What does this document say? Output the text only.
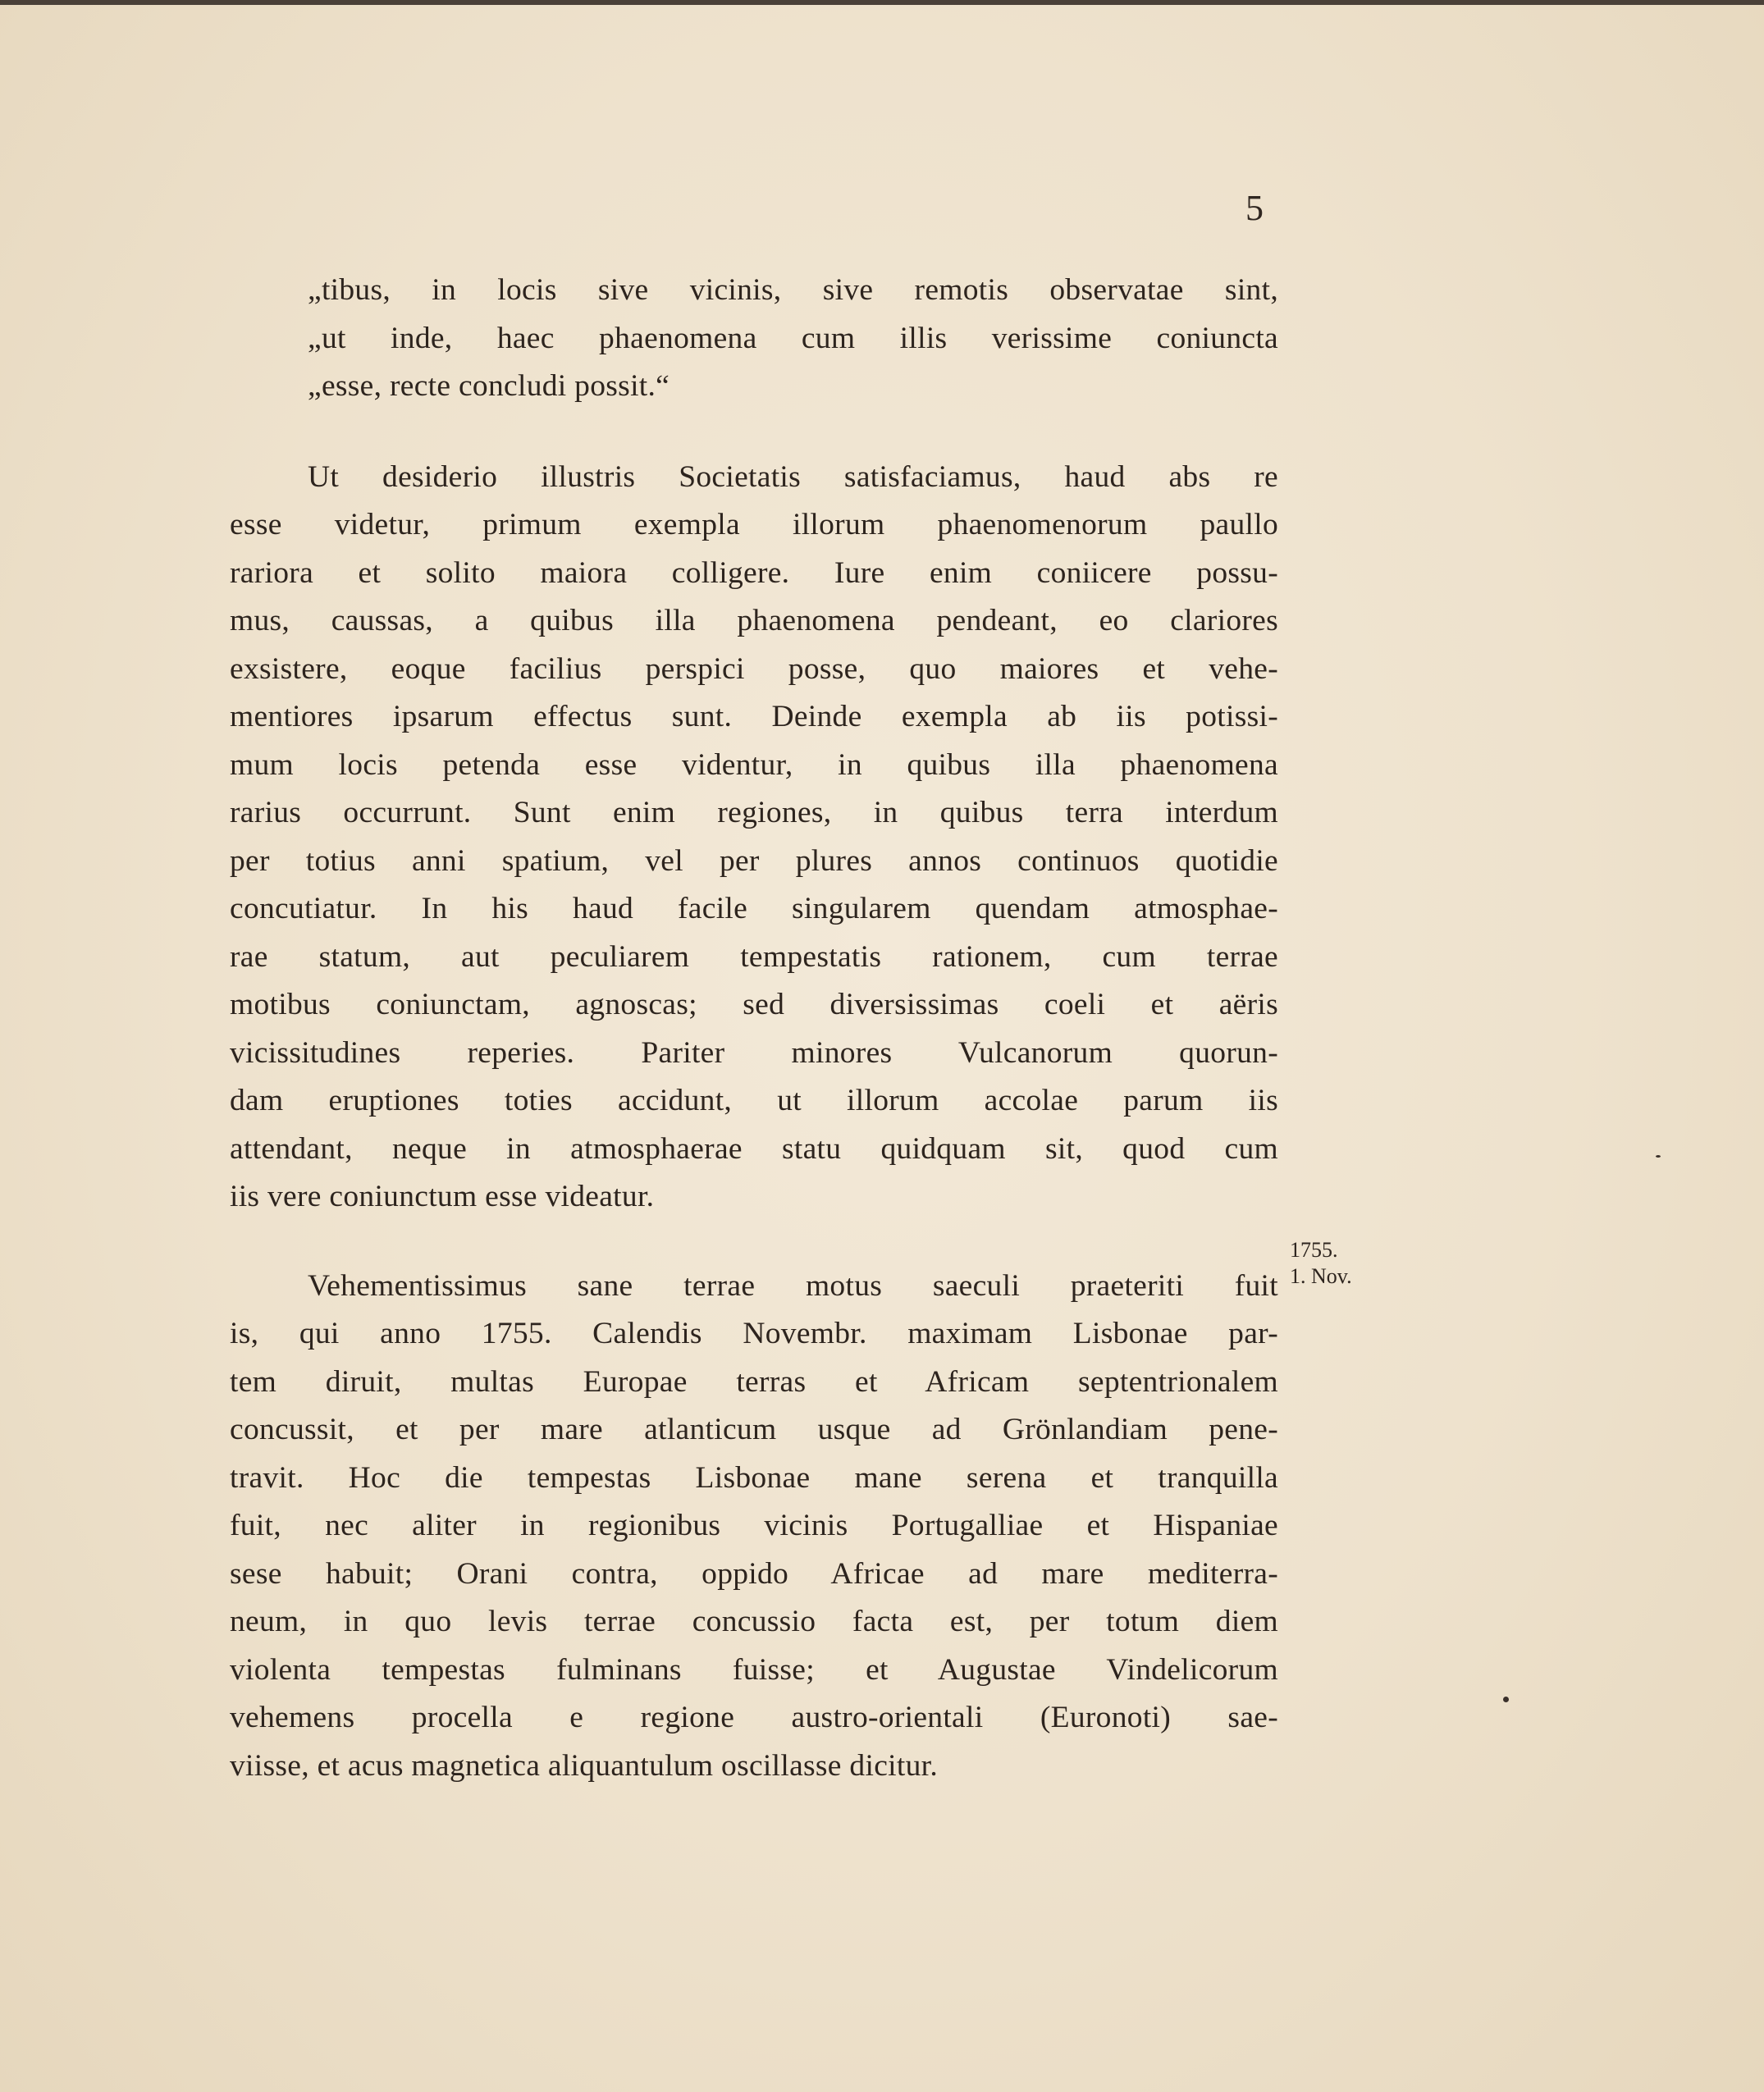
5

„tibus, in locis sive vicinis, sive remotis observatae sint,
„ut inde, haec phaenomena cum illis verissime coniuncta
„esse, recte concludi possit.“

Ut desiderio illustris Societatis satisfaciamus, haud abs re
esse videtur, primum exempla illorum phaenomenorum paullo
rariora et solito maiora colligere. Iure enim coniicere possu-
mus, caussas, a quibus illa phaenomena pendeant, eo clariores
exsistere, eoque facilius perspici posse, quo maiores et vehe-
mentiores ipsarum effectus sunt. Deinde exempla ab iis potissi-
mum locis petenda esse videntur, in quibus illa phaenomena
rarius occurrunt. Sunt enim regiones, in quibus terra interdum
per totius anni spatium, vel per plures annos continuos quotidie
concutiatur. In his haud facile singularem quendam atmosphae-
rae statum, aut peculiarem tempestatis rationem, cum terrae
motibus coniunctam, agnoscas; sed diversissimas coeli et aëris
vicissitudines reperies. Pariter minores Vulcanorum quorun-
dam eruptiones toties accidunt, ut illorum accolae parum iis
attendant, neque in atmosphaerae statu quidquam sit, quod cum
iis vere coniunctum esse videatur.

Vehementissimus sane terrae motus saeculi praeteriti fuit
is, qui anno 1755. Calendis Novembr. maximam Lisbonae par-
tem diruit, multas Europae terras et Africam septentrionalem
concussit, et per mare atlanticum usque ad Grönlandiam pene-
travit. Hoc die tempestas Lisbonae mane serena et tranquilla
fuit, nec aliter in regionibus vicinis Portugalliae et Hispaniae
sese habuit; Orani contra, oppido Africae ad mare mediterra-
neum, in quo levis terrae concussio facta est, per totum diem
violenta tempestas fulminans fuisse; et Augustae Vindelicorum
vehemens procella e regione austro-orientali (Euronoti) sae-
viisse, et acus magnetica aliquantulum oscillasse dicitur.

1755.
1. Nov.
